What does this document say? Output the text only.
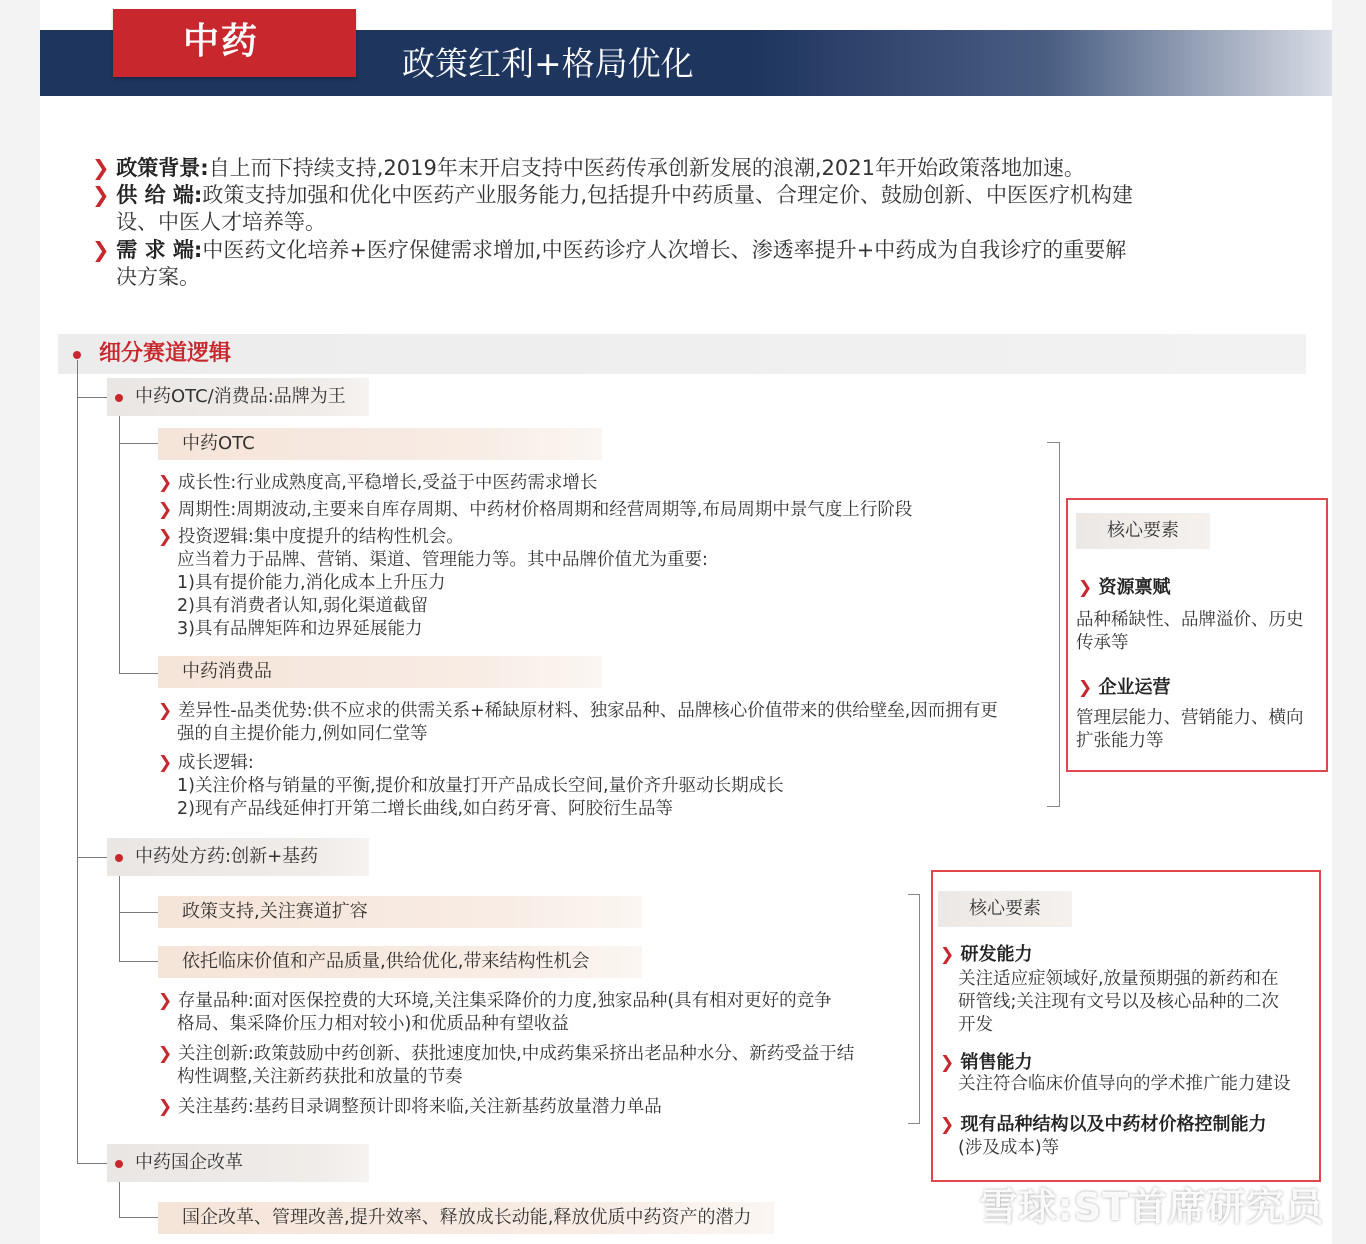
中药
政策红利+格局优化
❯ 政策背景:自上而下持续支持,2019年末开启支持中医药传承创新发展的浪潮,2021年开始政策落地加速。
❯ 供 给 端:政策支持加强和优化中医药产业服务能力,包括提升中药质量、合理定价、鼓励创新、中医医疗机构建
设、中医人才培养等。
❯ 需 求 端:中医药文化培养+医疗保健需求增加,中医药诊疗人次增长、渗透率提升+中药成为自我诊疗的重要解
决方案。
细分赛道逻辑
中药OTC/消费品:品牌为王
中药OTC
❯ 成长性:行业成熟度高,平稳增长,受益于中医药需求增长
❯ 周期性:周期波动,主要来自库存周期、中药材价格周期和经营周期等,布局周期中景气度上行阶段
❯ 投资逻辑:集中度提升的结构性机会。
应当着力于品牌、营销、渠道、管理能力等。其中品牌价值尤为重要:
1)具有提价能力,消化成本上升压力
2)具有消费者认知,弱化渠道截留
3)具有品牌矩阵和边界延展能力
中药消费品
❯ 差异性-品类优势:供不应求的供需关系+稀缺原材料、独家品种、品牌核心价值带来的供给壁垒,因而拥有更
强的自主提价能力,例如同仁堂等
❯ 成长逻辑:
1)关注价格与销量的平衡,提价和放量打开产品成长空间,量价齐升驱动长期成长
2)现有产品线延伸打开第二增长曲线,如白药牙膏、阿胶衍生品等
核心要素
❯ 资源禀赋
品种稀缺性、品牌溢价、历史
传承等
❯ 企业运营
管理层能力、营销能力、横向
扩张能力等
中药处方药:创新+基药
政策支持,关注赛道扩容
依托临床价值和产品质量,供给优化,带来结构性机会
❯ 存量品种:面对医保控费的大环境,关注集采降价的力度,独家品种(具有相对更好的竞争
格局、集采降价压力相对较小)和优质品种有望收益
❯ 关注创新:政策鼓励中药创新、获批速度加快,中成药集采挤出老品种水分、新药受益于结
构性调整,关注新药获批和放量的节奏
❯ 关注基药:基药目录调整预计即将来临,关注新基药放量潜力单品
核心要素
❯ 研发能力
关注适应症领域好,放量预期强的新药和在
研管线;关注现有文号以及核心品种的二次
开发
❯ 销售能力
关注符合临床价值导向的学术推广能力建设
❯ 现有品种结构以及中药材价格控制能力
(涉及成本)等
中药国企改革
国企改革、管理改善,提升效率、释放成长动能,释放优质中药资产的潜力	雪球:ST首席研究员
